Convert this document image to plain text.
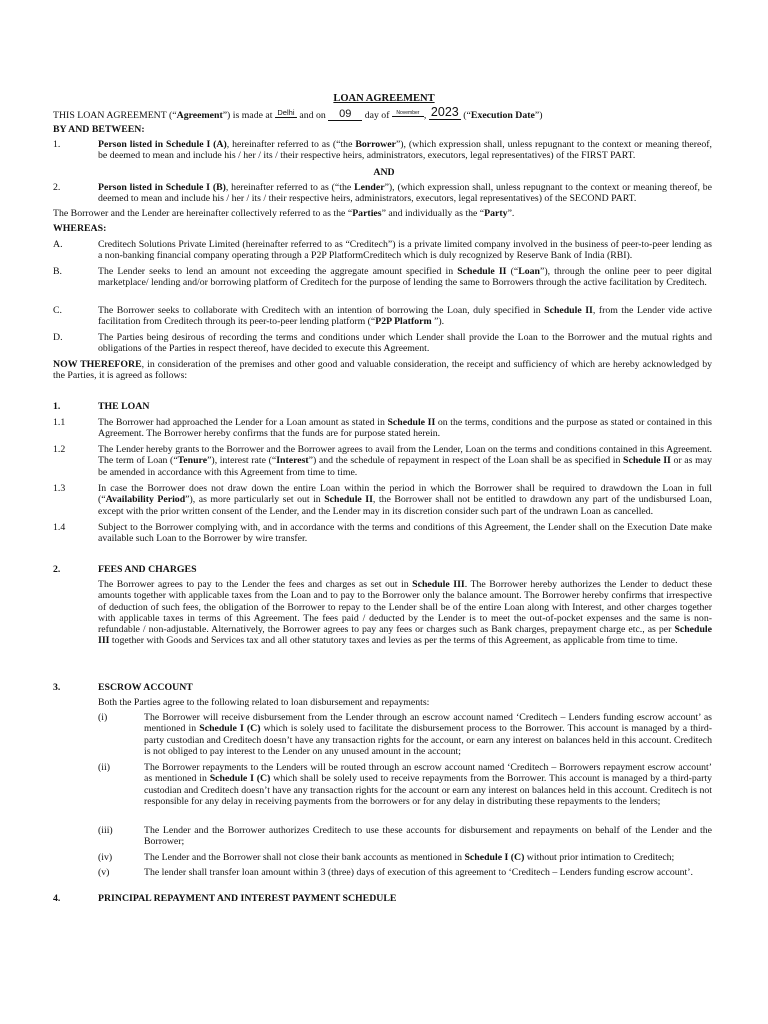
LOAN AGREEMENT
THIS LOAN AGREEMENT (“Agreement”) is made at Delhi and on 09 day of November , 2023 (“Execution Date”)
BY AND BETWEEN:
1.	Person listed in Schedule I (A), hereinafter referred to as (“the Borrower”), (which expression shall, unless repugnant to the context or meaning thereof, be deemed to mean and include his / her / its / their respective heirs, administrators, executors, legal representatives) of the FIRST PART.
AND
2.	Person listed in Schedule I (B), hereinafter referred to as (“the Lender”), (which expression shall, unless repugnant to the context or meaning thereof, be deemed to mean and include his / her / its / their respective heirs, administrators, executors, legal representatives) of the SECOND PART.
The Borrower and the Lender are hereinafter collectively referred to as the “Parties” and individually as the “Party”.
WHEREAS:
A.	Creditech Solutions Private Limited (hereinafter referred to as “Creditech”) is a private limited company involved in the business of peer-to-peer lending as a non-banking financial company operating through a P2P PlatformCreditech which is duly recognized by Reserve Bank of India (RBI).
B.	The Lender seeks to lend an amount not exceeding the aggregate amount specified in Schedule II (“Loan”), through the online peer to peer digital marketplace/ lending and/or borrowing platform of Creditech for the purpose of lending the same to Borrowers through the active facilitation by Creditech.
C.	The Borrower seeks to collaborate with Creditech with an intention of borrowing the Loan, duly specified in Schedule II, from the Lender vide active facilitation from Creditech through its peer-to-peer lending platform (“P2P Platform ”).
D.	The Parties being desirous of recording the terms and conditions under which Lender shall provide the Loan to the Borrower and the mutual rights and obligations of the Parties in respect thereof, have decided to execute this Agreement.
NOW THEREFORE, in consideration of the premises and other good and valuable consideration, the receipt and sufficiency of which are hereby acknowledged by the Parties, it is agreed as follows:
1.	THE LOAN
1.1	The Borrower had approached the Lender for a Loan amount as stated in Schedule II on the terms, conditions and the purpose as stated or contained in this Agreement. The Borrower hereby confirms that the funds are for purpose stated herein.
1.2	The Lender hereby grants to the Borrower and the Borrower agrees to avail from the Lender, Loan on the terms and conditions contained in this Agreement. The term of Loan (“Tenure”), interest rate (“Interest”) and the schedule of repayment in respect of the Loan shall be as specified in Schedule II or as may be amended in accordance with this Agreement from time to time.
1.3	In case the Borrower does not draw down the entire Loan within the period in which the Borrower shall be required to drawdown the Loan in full (“Availability Period”), as more particularly set out in Schedule II, the Borrower shall not be entitled to drawdown any part of the undisbursed Loan, except with the prior written consent of the Lender, and the Lender may in its discretion consider such part of the undrawn Loan as cancelled.
1.4	Subject to the Borrower complying with, and in accordance with the terms and conditions of this Agreement, the Lender shall on the Execution Date make available such Loan to the Borrower by wire transfer.
2.	FEES AND CHARGES
The Borrower agrees to pay to the Lender the fees and charges as set out in Schedule III. The Borrower hereby authorizes the Lender to deduct these amounts together with applicable taxes from the Loan and to pay to the Borrower only the balance amount. The Borrower hereby confirms that irrespective of deduction of such fees, the obligation of the Borrower to repay to the Lender shall be of the entire Loan along with Interest, and other charges together with applicable taxes in terms of this Agreement. The fees paid / deducted by the Lender is to meet the out-of-pocket expenses and the same is non- refundable / non-adjustable. Alternatively, the Borrower agrees to pay any fees or charges such as Bank charges, prepayment charge etc., as per Schedule III together with Goods and Services tax and all other statutory taxes and levies as per the terms of this Agreement, as applicable from time to time.
3.	ESCROW ACCOUNT
Both the Parties agree to the following related to loan disbursement and repayments:
(i)	The Borrower will receive disbursement from the Lender through an escrow account named ‘Creditech – Lenders funding escrow account’ as mentioned in Schedule I (C) which is solely used to facilitate the disbursement process to the Borrower. This account is managed by a third-party custodian and Creditech doesn’t have any transaction rights for the account, or earn any interest on balances held in this account. Creditech is not obliged to pay interest to the Lender on any unused amount in the account;
(ii)	The Borrower repayments to the Lenders will be routed through an escrow account named ‘Creditech – Borrowers repayment escrow account’ as mentioned in Schedule I (C) which shall be solely used to receive repayments from the Borrower. This account is managed by a third-party custodian and Creditech doesn’t have any transaction rights for the account or earn any interest on balances held in this account. Creditech is not responsible for any delay in receiving payments from the borrowers or for any delay in distributing these repayments to the lenders;
(iii)	The Lender and the Borrower authorizes Creditech to use these accounts for disbursement and repayments on behalf of the Lender and the Borrower;
(iv)	The Lender and the Borrower shall not close their bank accounts as mentioned in Schedule I (C) without prior intimation to Creditech;
(v)	The lender shall transfer loan amount within 3 (three) days of execution of this agreement to ‘Creditech – Lenders funding escrow account’.
4.	PRINCIPAL REPAYMENT AND INTEREST PAYMENT SCHEDULE
